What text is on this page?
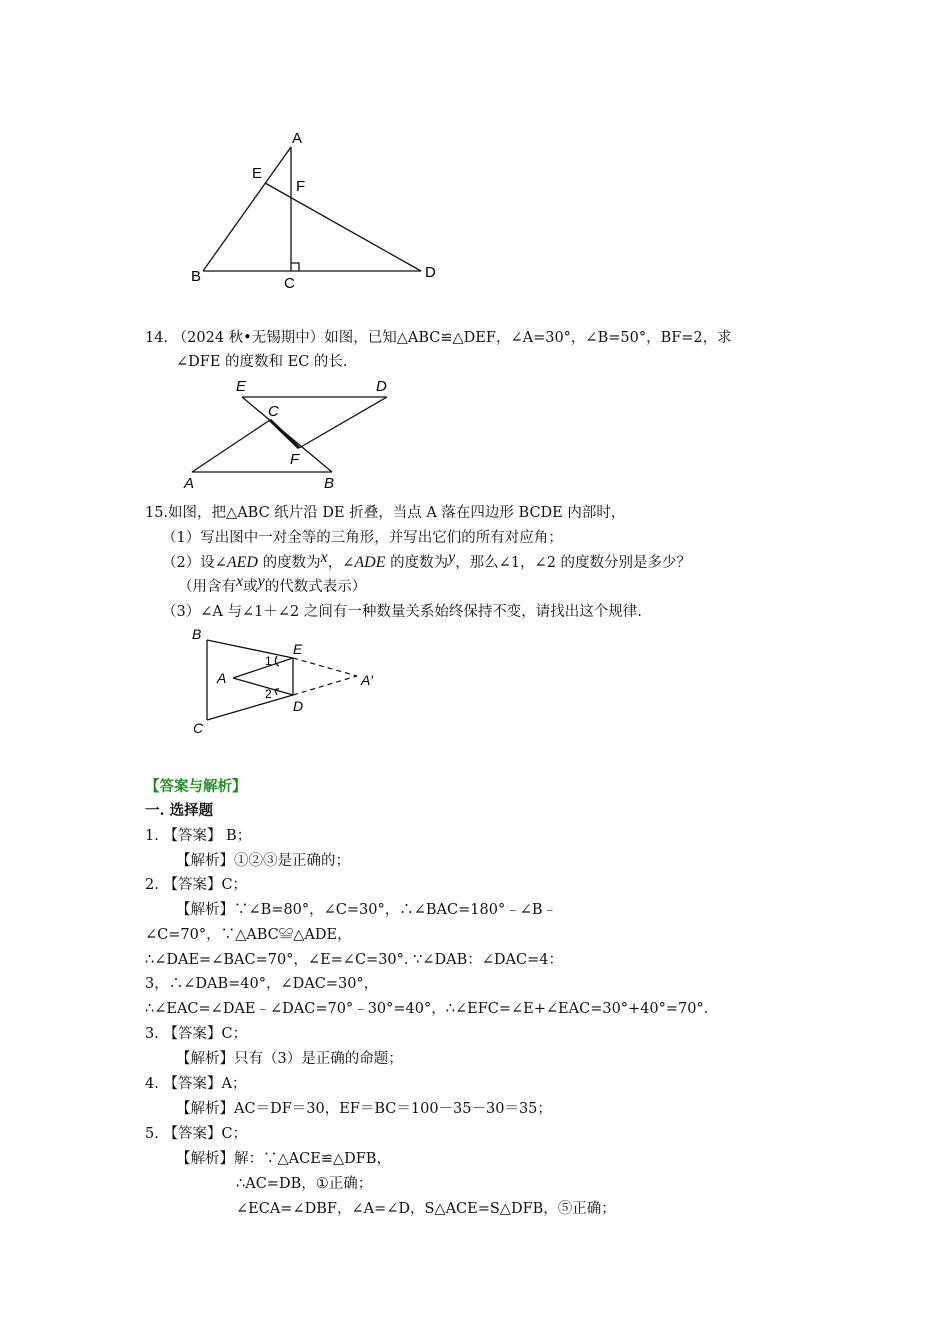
A
E
F
B	C
D
14. （2024 秋•无锡期中）如图，已知△ABC≌△DEF，∠A=30°，∠B=50°，BF=2，求
∠DFE 的度数和 EC 的长.
E	D
C
F
A	B
15.如图，把△ABC 纸片沿 DE 折叠，当点 A 落在四边形 BCDE 内部时，
（1）写出图中一对全等的三角形，并写出它们的所有对应角；
（2）设∠AED 的度数为x，∠ADE 的度数为y，那么∠1，∠2 的度数分别是多少？
（用含有x或y的代数式表示）
（3）∠A 与∠1＋∠2 之间有一种数量关系始终保持不变，请找出这个规律.
B
E
A	A′
D
C
1
2
【答案与解析】
一. 选择题
1. 【答案】 B；
【解析】①②③是正确的；
2. 【答案】C；
【解析】∵∠B=80°，∠C=30°，∴∠BAC=180°﹣∠B﹣
∠C=70°，∵△ABC≌△ADE，
∴∠DAE=∠BAC=70°，∠E=∠C=30°. ∵∠DAB：∠DAC=4：
3，∴∠DAB=40°，∠DAC=30°，
∴∠EAC=∠DAE﹣∠DAC=70°﹣30°=40°，∴∠EFC=∠E+∠EAC=30°+40°=70°.
3. 【答案】C；
【解析】只有（3）是正确的命题；
4. 【答案】A；
【解析】AC＝DF＝30，EF＝BC＝100－35－30＝35；
5. 【答案】C；
【解析】解：∵△ACE≌△DFB，
∴AC=DB，①正确；
∠ECA=∠DBF，∠A=∠D，S△ACE=S△DFB，⑤正确；
